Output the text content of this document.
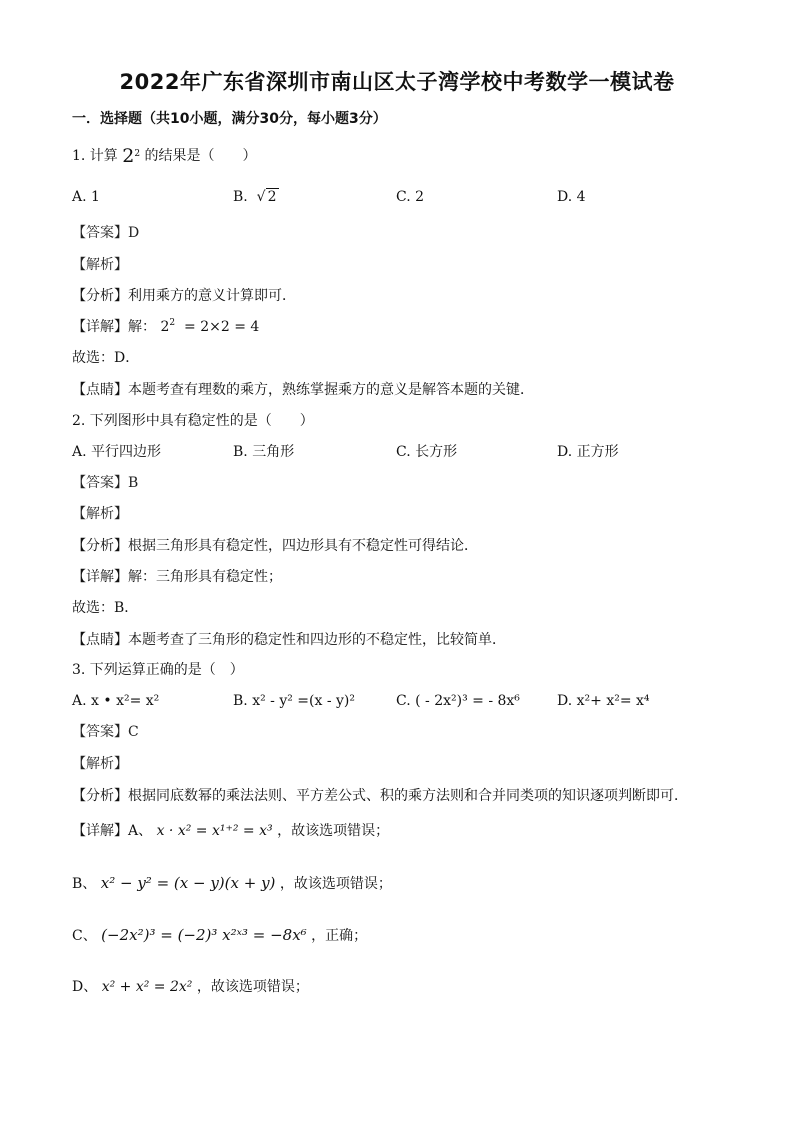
2022年广东省深圳市南山区太子湾学校中考数学一模试卷
一．选择题（共10小题，满分30分，每小题3分）
1. 计算 $2^2$ 的结果是（　　）
A. 1	B.  √ 2	C. 2	D. 4
【答案】D
【解析】
【分析】利用乘方的意义计算即可．
【详解】解： $2^2 = 2\times 2 = 4$
故选：D．
【点睛】本题考查有理数的乘方，熟练掌握乘方的意义是解答本题的关键．
2. 下列图形中具有稳定性的是（　　）
A. 平行四边形	B. 三角形	C. 长方形	D. 正方形
【答案】B
【解析】
【分析】根据三角形具有稳定性，四边形具有不稳定性可得结论．
【详解】解：三角形具有稳定性；
故选：B．
【点睛】本题考查了三角形的稳定性和四边形的不稳定性，比较简单．
3. 下列运算正确的是（　）
A. x • x²= x²	B. x² - y² =(x - y)²	C. ( - 2x²)³ = - 8x⁶	D. x²+ x²= x⁴
【答案】C
【解析】
【分析】根据同底数幂的乘法法则、平方差公式、积的乘方法则和合并同类项的知识逐项判断即可．
【详解】A、 x · x² = x¹⁺² = x³ ，故该选项错误；
B、 x² − y² = (x − y)(x + y) ，故该选项错误；
C、 (−2x²)³ = (−2)³ x²ˣ³ = −8x⁶ ，正确；
D、 x² + x² = 2x² ，故该选项错误；
